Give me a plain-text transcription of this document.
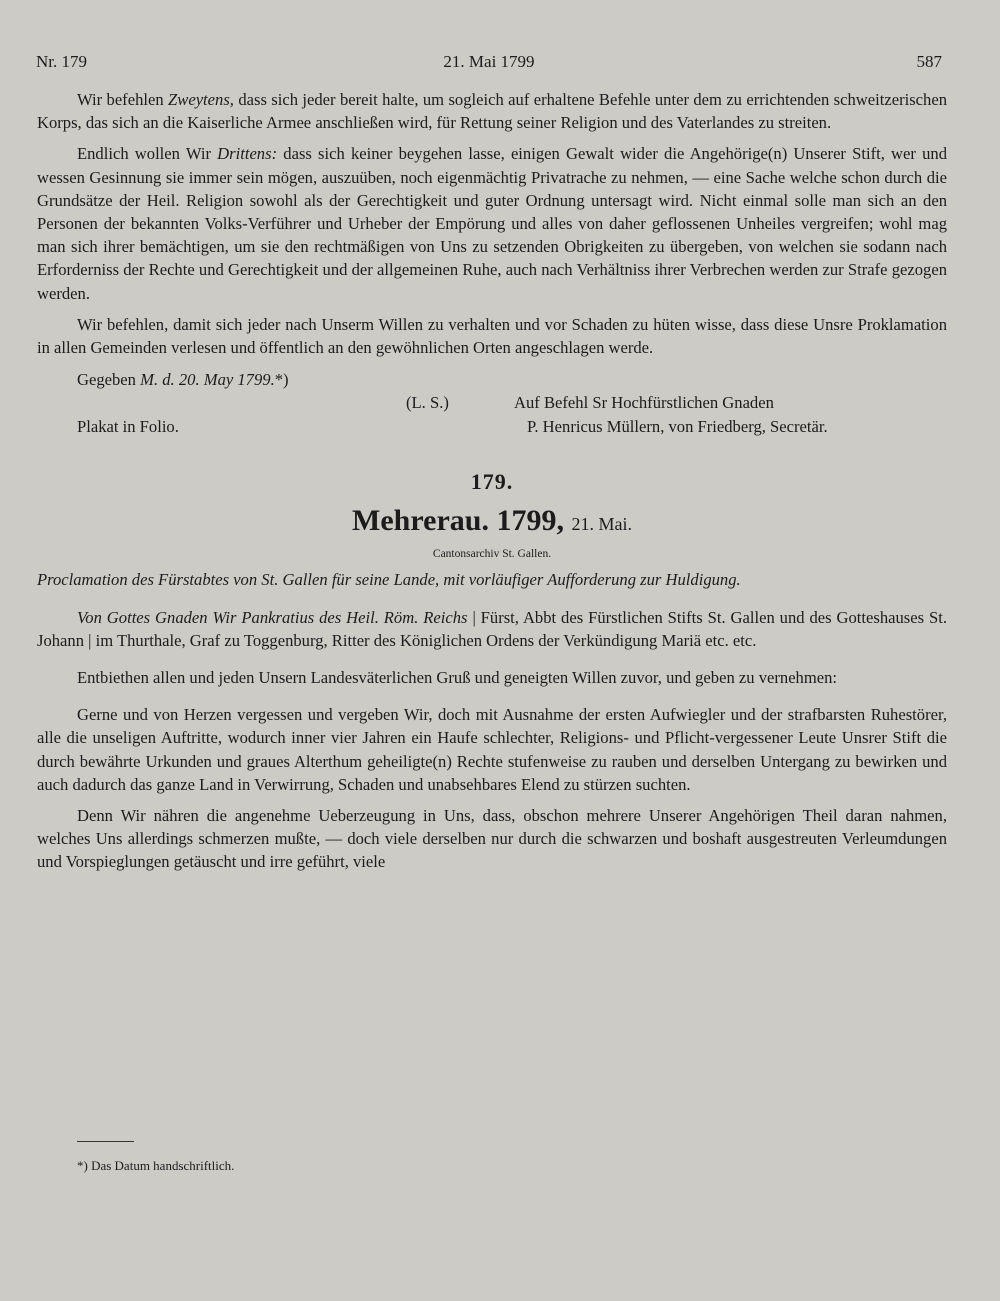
Nr. 179	21. Mai 1799	587

Wir befehlen Zweytens, dass sich jeder bereit halte, um sogleich auf erhaltene Befehle unter dem zu errichtenden schweitzerischen Korps, das sich an die Kaiserliche Armee anschließen wird, für Rettung seiner Religion und des Vaterlandes zu streiten.

Endlich wollen Wir Drittens: dass sich keiner beygehen lasse, einigen Gewalt wider die Angehörige(n) Unserer Stift, wer und wessen Gesinnung sie immer sein mögen, auszuüben, noch eigenmächtig Privatrache zu nehmen, — eine Sache welche schon durch die Grundsätze der Heil. Religion sowohl als der Gerechtigkeit und guter Ordnung untersagt wird. Nicht einmal solle man sich an den Personen der bekannten Volks-Verführer und Urheber der Empörung und alles von daher geflossenen Unheiles vergreifen; wohl mag man sich ihrer bemächtigen, um sie den rechtmäßigen von Uns zu setzenden Obrigkeiten zu übergeben, von welchen sie sodann nach Erforderniss der Rechte und Gerechtigkeit und der allgemeinen Ruhe, auch nach Verhältniss ihrer Verbrechen werden zur Strafe gezogen werden.

Wir befehlen, damit sich jeder nach Unserm Willen zu verhalten und vor Schaden zu hüten wisse, dass diese Unsre Proklamation in allen Gemeinden verlesen und öffentlich an den gewöhnlichen Orten angeschlagen werde.

Gegeben M. d. 20. May 1799.*)

(L. S.)	Auf Befehl Sr Hochfürstlichen Gnaden
Plakat in Folio.	P. Henricus Müllern, von Friedberg, Secretär.
179.
Mehrerau. 1799, 21. Mai.
Cantonsarchiv St. Gallen.

Proclamation des Fürstabtes von St. Gallen für seine Lande, mit vorläufiger Aufforderung zur Huldigung.

Von Gottes Gnaden Wir Pankratius des Heil. Röm. Reichs | Fürst, Abbt des Fürstlichen Stifts St. Gallen und des Gotteshauses St. Johann | im Thurthale, Graf zu Toggenburg, Ritter des Königlichen Ordens der Verkündigung Mariä etc. etc.

Entbiethen allen und jeden Unsern Landesväterlichen Gruß und geneigten Willen zuvor, und geben zu vernehmen:

Gerne und von Herzen vergessen und vergeben Wir, doch mit Ausnahme der ersten Aufwiegler und der strafbarsten Ruhestörer, alle die unseligen Auftritte, wodurch inner vier Jahren ein Haufe schlechter, Religions- und Pflicht-vergessener Leute Unsrer Stift die durch bewährte Urkunden und graues Alterthum geheiligte(n) Rechte stufenweise zu rauben und derselben Untergang zu bewirken und auch dadurch das ganze Land in Verwirrung, Schaden und unabsehbares Elend zu stürzen suchten.

Denn Wir nähren die angenehme Ueberzeugung in Uns, dass, obschon mehrere Unserer Angehörigen Theil daran nahmen, welches Uns allerdings schmerzen mußte, — doch viele derselben nur durch die schwarzen und boshaft ausgestreuten Verleumdungen und Vorspieglungen getäuscht und irre geführt, viele

*) Das Datum handschriftlich.
